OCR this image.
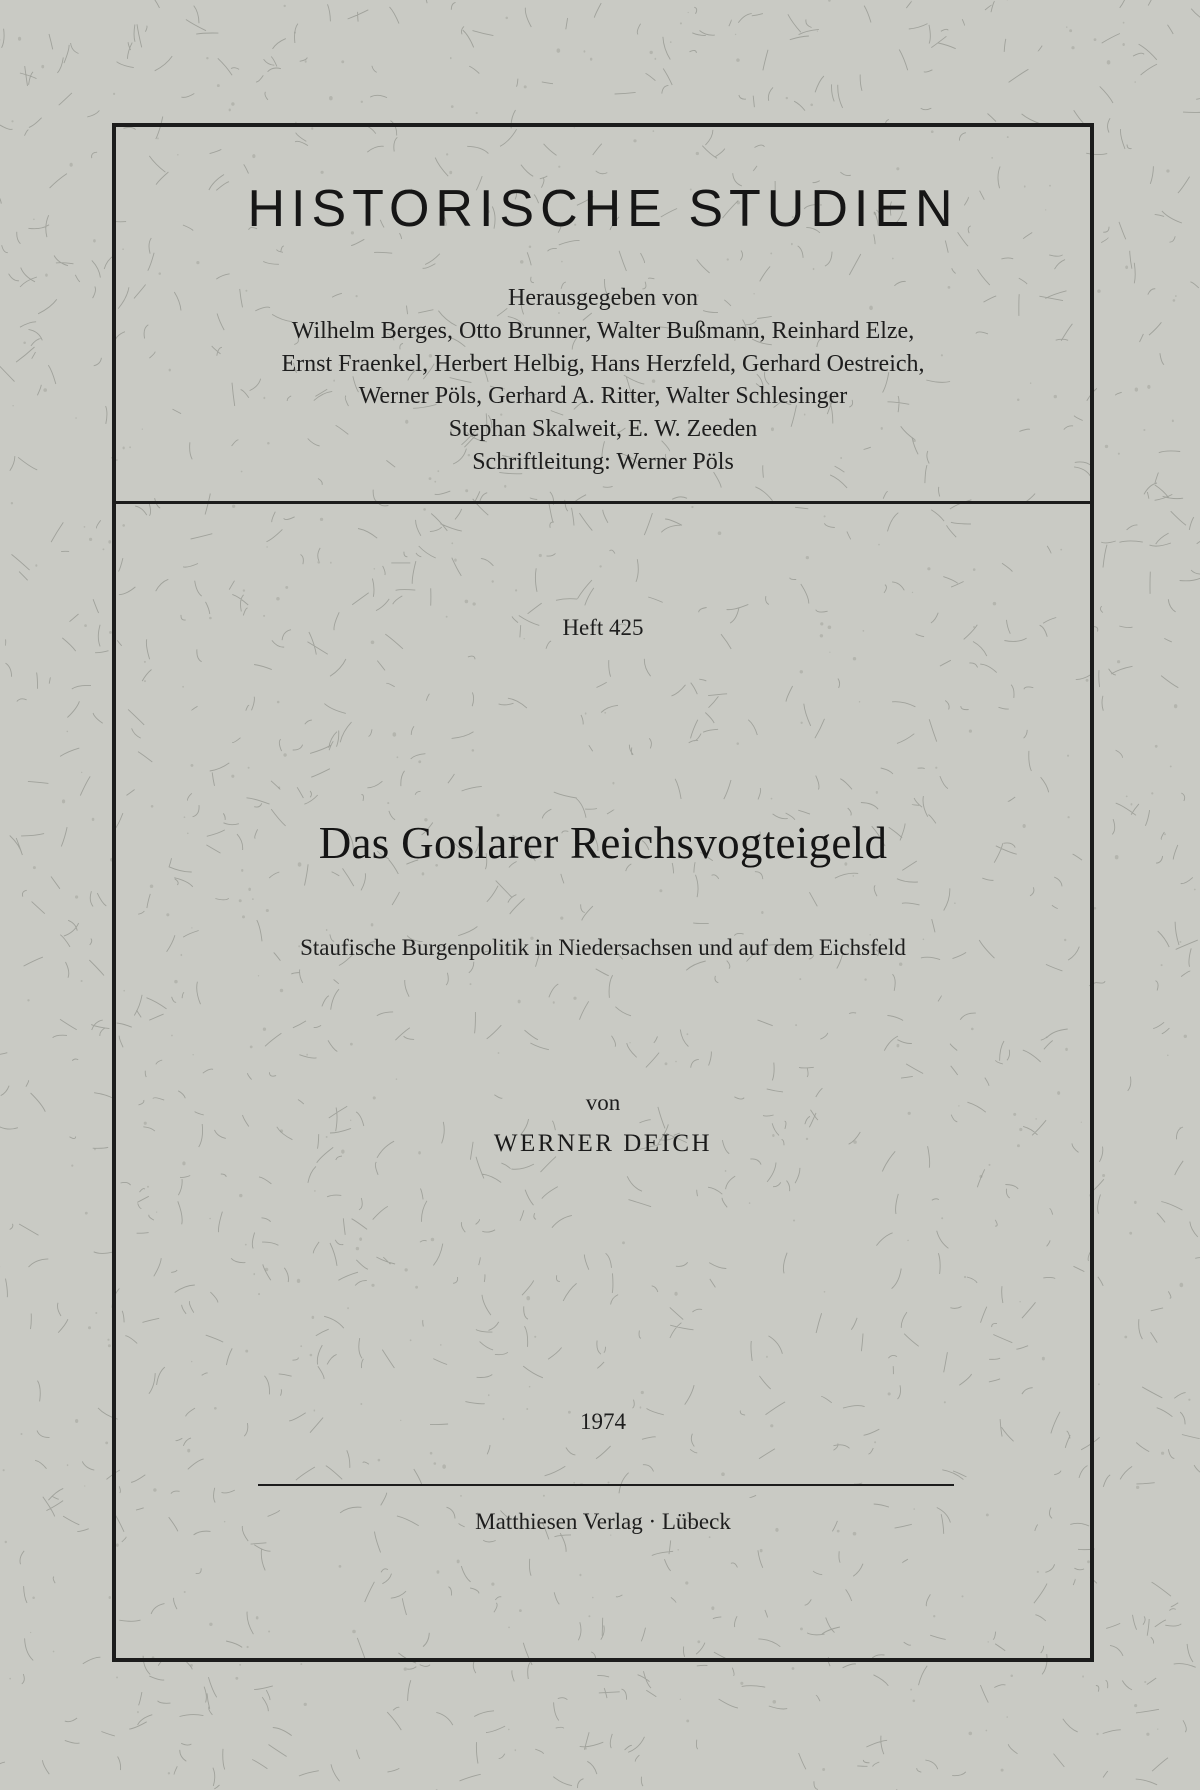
HISTORISCHE STUDIEN
Herausgegeben von
Wilhelm Berges, Otto Brunner, Walter Bußmann, Reinhard Elze,
Ernst Fraenkel, Herbert Helbig, Hans Herzfeld, Gerhard Oestreich,
Werner Pöls, Gerhard A. Ritter, Walter Schlesinger
Stephan Skalweit, E. W. Zeeden
Schriftleitung: Werner Pöls
Heft 425
Das Goslarer Reichsvogteigeld
Staufische Burgenpolitik in Niedersachsen und auf dem Eichsfeld
von
WERNER DEICH
1974
Matthiesen Verlag · Lübeck
